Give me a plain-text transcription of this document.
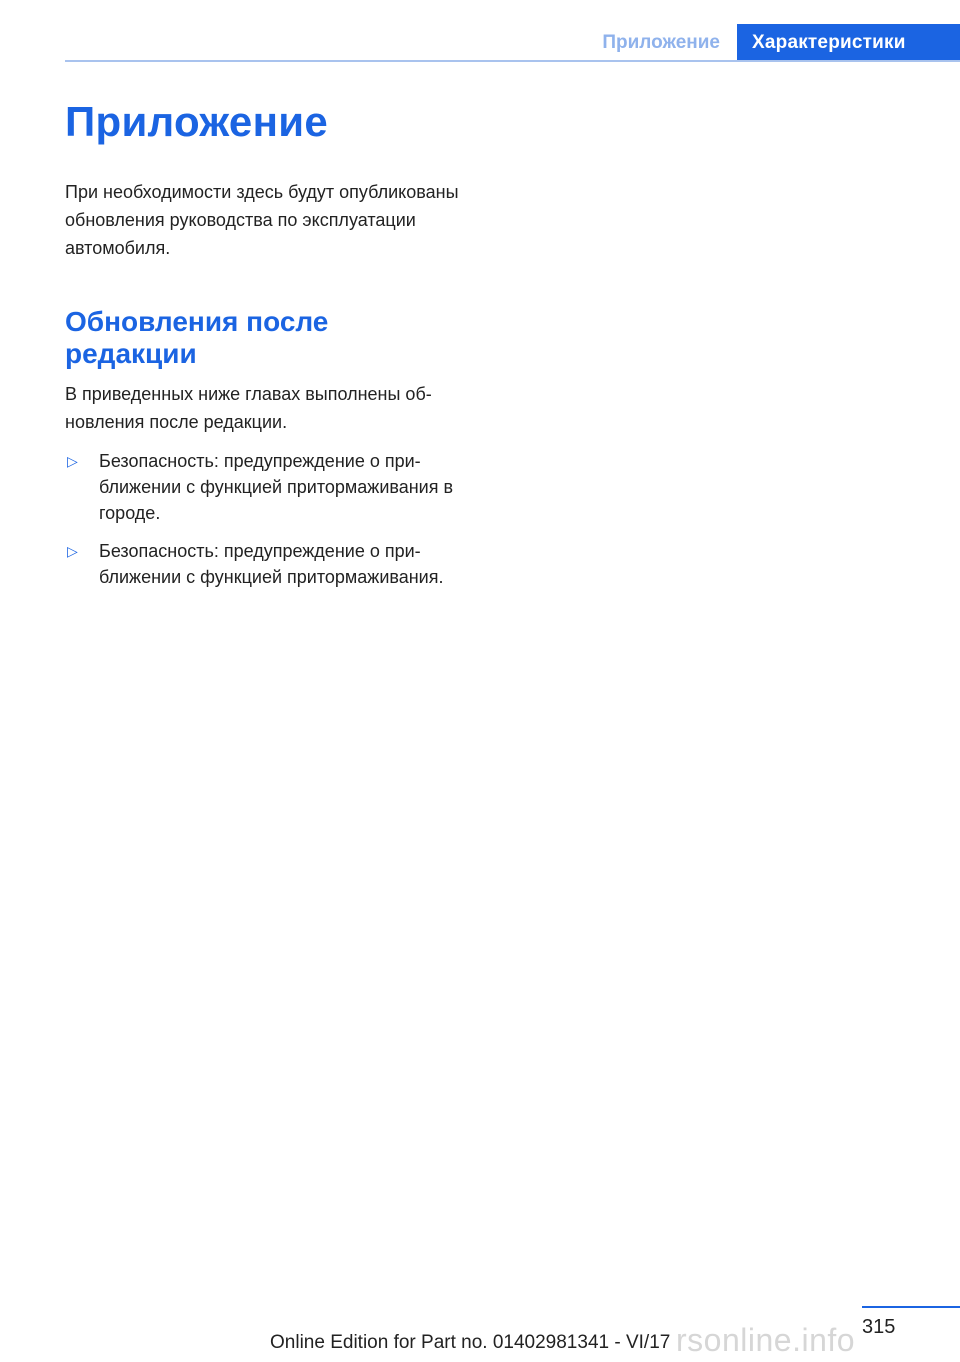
Приложение	Характеристики
Приложение

При необходимости здесь будут опубликованы обновления руководства по эксплуатации автомобиля.

Обновления после редакции

В приведенных ниже главах выполнены обновления после редакции.

▷ Безопасность: предупреждение о приближении с функцией притормаживания в городе.
▷ Безопасность: предупреждение о приближении с функцией притормаживания.
315
rsonline.info
Online Edition for Part no. 01402981341 - VI/17
